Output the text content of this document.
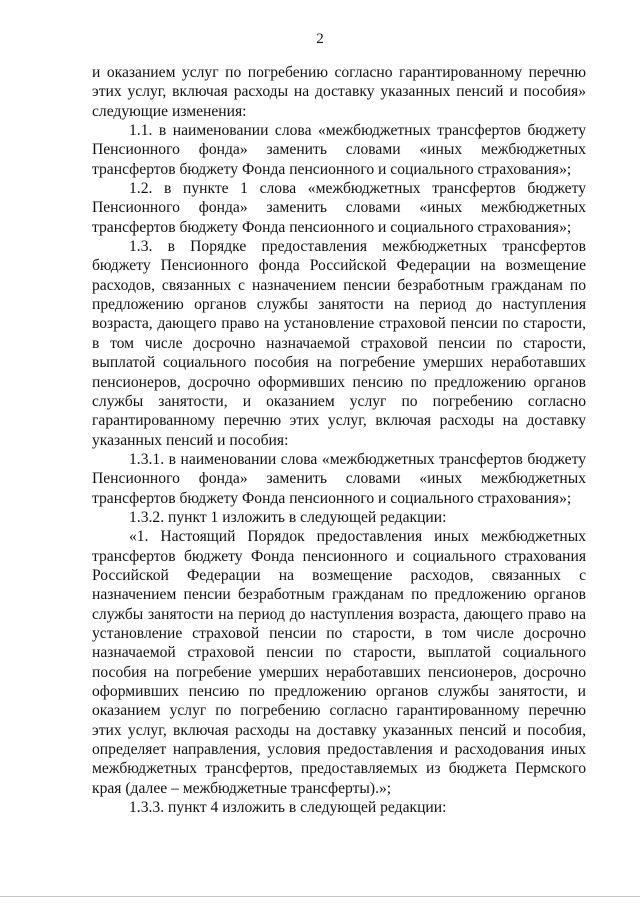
2

и оказанием услуг по погребению согласно гарантированному перечню этих услуг, включая расходы на доставку указанных пенсий и пособия» следующие изменения:

1.1. в наименовании слова «межбюджетных трансфертов бюджету Пенсионного фонда» заменить словами «иных межбюджетных трансфертов бюджету Фонда пенсионного и социального страхования»;

1.2. в пункте 1 слова «межбюджетных трансфертов бюджету Пенсионного фонда» заменить словами «иных межбюджетных трансфертов бюджету Фонда пенсионного и социального страхования»;

1.3. в Порядке предоставления межбюджетных трансфертов бюджету Пенсионного фонда Российской Федерации на возмещение расходов, связанных с назначением пенсии безработным гражданам по предложению органов службы занятости на период до наступления возраста, дающего право на установление страховой пенсии по старости, в том числе досрочно назначаемой страховой пенсии по старости, выплатой социального пособия на погребение умерших неработавших пенсионеров, досрочно оформивших пенсию по предложению органов службы занятости, и оказанием услуг по погребению согласно гарантированному перечню этих услуг, включая расходы на доставку указанных пенсий и пособия:

1.3.1. в наименовании слова «межбюджетных трансфертов бюджету Пенсионного фонда» заменить словами «иных межбюджетных трансфертов бюджету Фонда пенсионного и социального страхования»;

1.3.2. пункт 1 изложить в следующей редакции:

«1. Настоящий Порядок предоставления иных межбюджетных трансфертов бюджету Фонда пенсионного и социального страхования Российской Федерации на возмещение расходов, связанных с назначением пенсии безработным гражданам по предложению органов службы занятости на период до наступления возраста, дающего право на установление страховой пенсии по старости, в том числе досрочно назначаемой страховой пенсии по старости, выплатой социального пособия на погребение умерших неработавших пенсионеров, досрочно оформивших пенсию по предложению органов службы занятости, и оказанием услуг по погребению согласно гарантированному перечню этих услуг, включая расходы на доставку указанных пенсий и пособия, определяет направления, условия предоставления и расходования иных межбюджетных трансфертов, предоставляемых из бюджета Пермского края (далее – межбюджетные трансферты).»;

1.3.3. пункт 4 изложить в следующей редакции:
